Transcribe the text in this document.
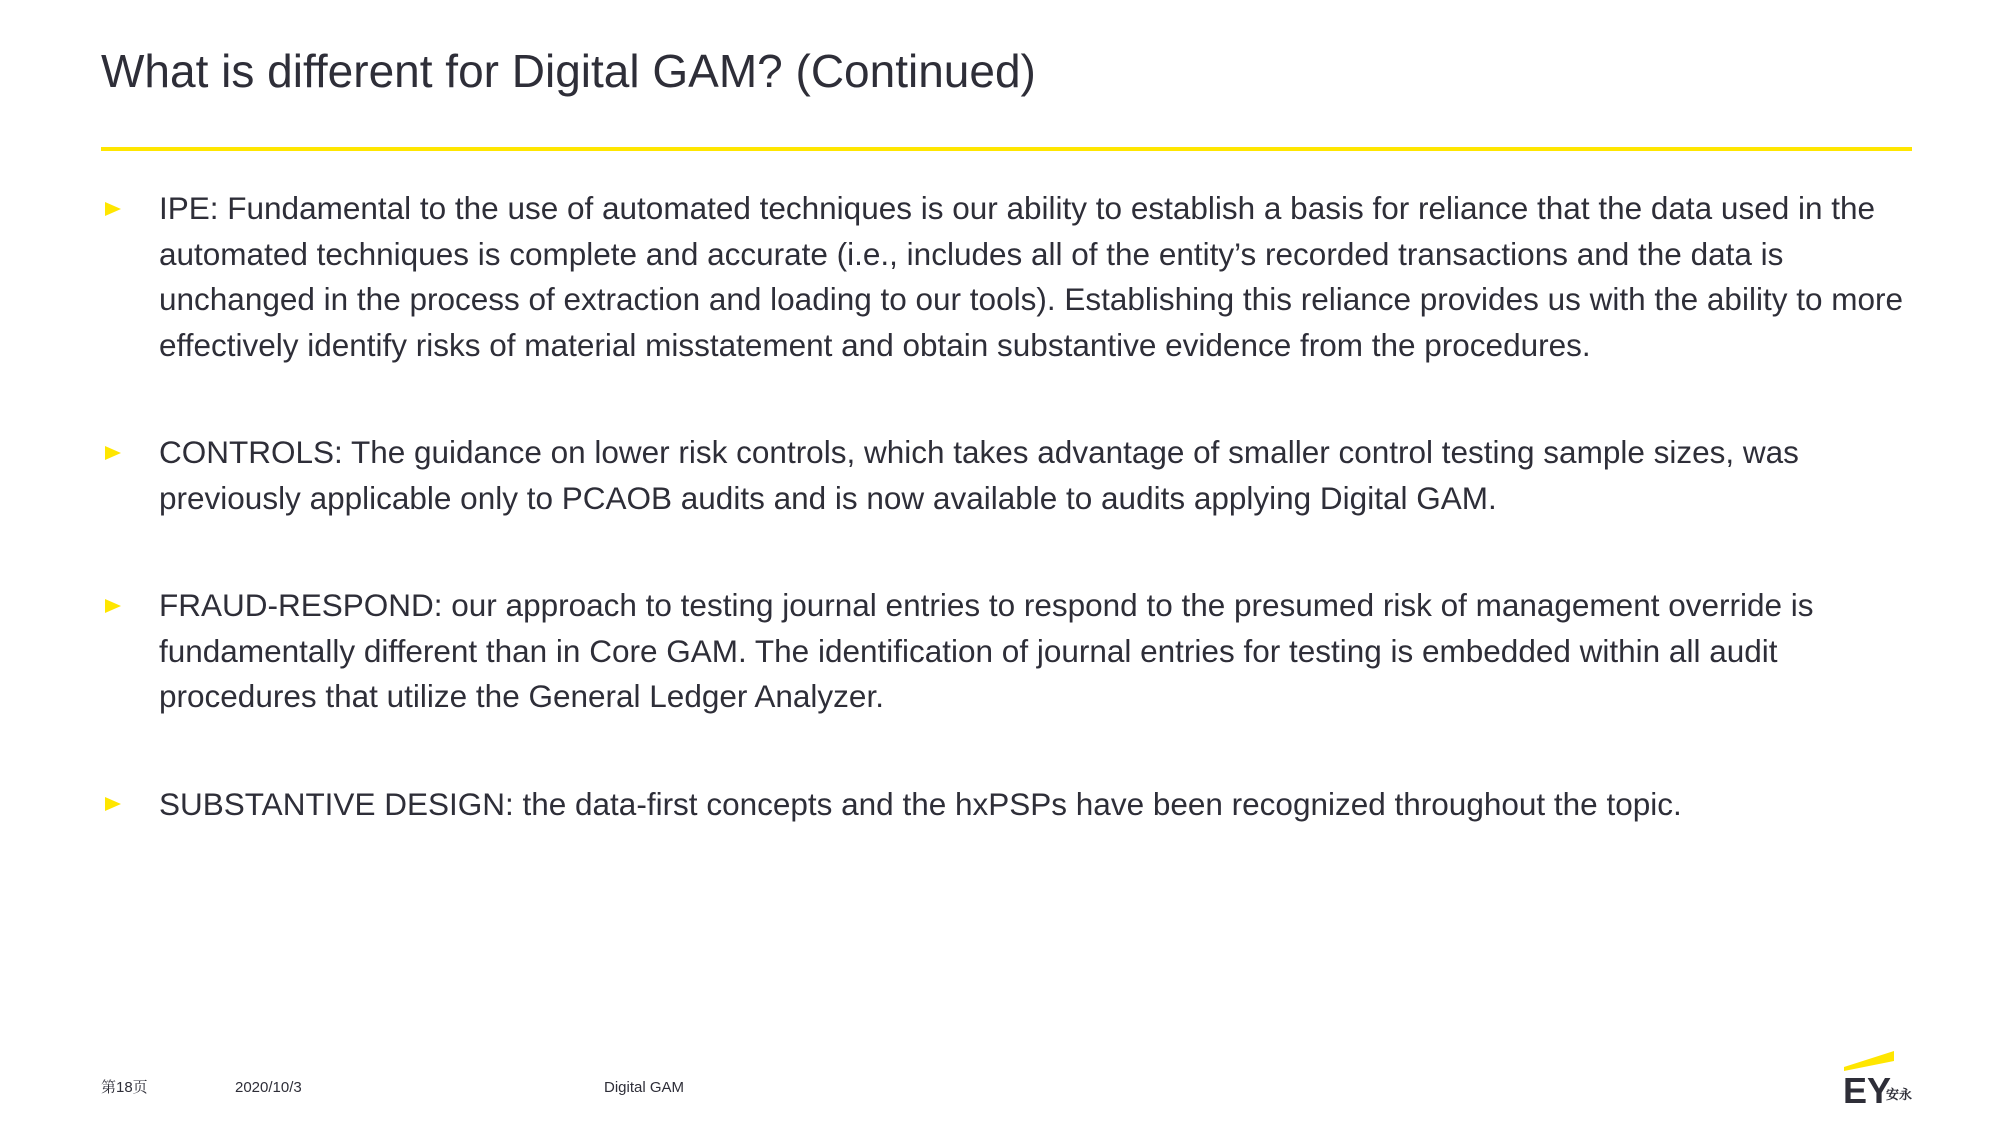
What is different for Digital GAM? (Continued)
IPE: Fundamental to the use of automated techniques is our ability to establish a basis for reliance that the data used in the automated techniques is complete and accurate (i.e., includes all of the entity’s recorded transactions and the data is unchanged in the process of extraction and loading to our tools). Establishing this reliance provides us with the ability to more effectively identify risks of material misstatement and obtain substantive evidence from the procedures.
CONTROLS: The guidance on lower risk controls, which takes advantage of smaller control testing sample sizes, was previously applicable only to PCAOB audits and is now available to audits applying Digital GAM.
FRAUD-RESPOND: our approach to testing journal entries to respond to the presumed risk of management override is fundamentally different than in Core GAM. The identification of journal entries for testing is embedded within all audit procedures that utilize the General Ledger Analyzer.
SUBSTANTIVE DESIGN: the data-first concepts and the hxPSPs have been recognized throughout the topic.
第18页	2020/10/3	Digital GAM	EY
安永
